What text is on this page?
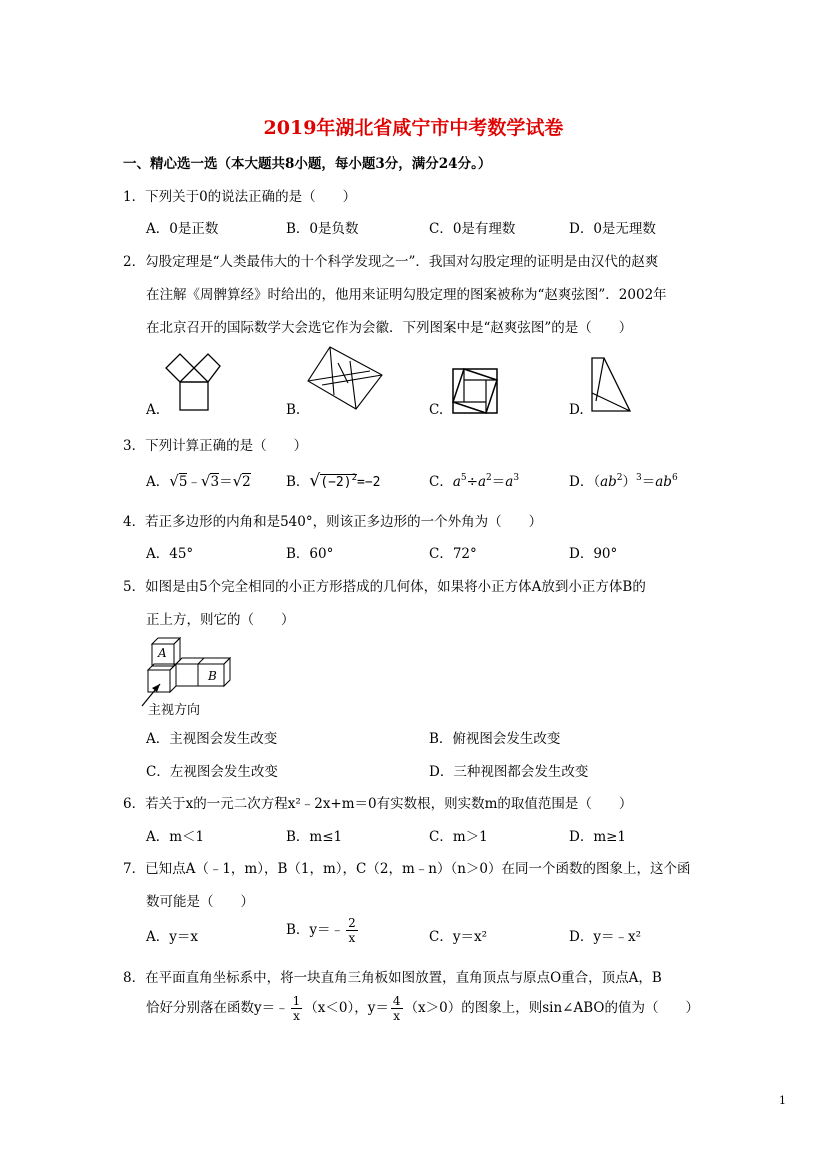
2019年湖北省咸宁市中考数学试卷
一、精心选一选（本大题共8小题，每小题3分，满分24分。）
1．下列关于0的说法正确的是（　　）
A．0是正数	B．0是负数	C．0是有理数	D．0是无理数
2．勾股定理是“人类最伟大的十个科学发现之一”．我国对勾股定理的证明是由汉代的赵爽
在注解《周髀算经》时给出的，他用来证明勾股定理的图案被称为“赵爽弦图”．2002年
在北京召开的国际数学大会选它作为会徽．下列图案中是“赵爽弦图”的是（　　）
A.	B.	C.	D.
3．下列计算正确的是（　　）
A．√5﹣√3＝√2	B．$√(-2)^2=-2$	C．$a^5\div a^2=a^3$	D．$(ab^2)^3=ab^6$
4．若正多边形的内角和是540°，则该正多边形的一个外角为（　　）
A．45°	B．60°	C．72°	D．90°
5．如图是由5个完全相同的小正方形搭成的几何体，如果将小正方体A放到小正方体B的
正上方，则它的（　　）
A
B
主视方向
A．主视图会发生改变	B．俯视图会发生改变
C．左视图会发生改变	D．三种视图都会发生改变
6．若关于x的一元二次方程x²﹣2x+m＝0有实数根，则实数m的取值范围是（　　）
A．m＜1	B．m≤1	C．m＞1	D．m≥1
7．已知点A（﹣1，m），B（1，m），C（2，m﹣n）（n＞0）在同一个函数的图象上，这个函
数可能是（　　）
A．y＝x	B．y＝﹣ $\frac{2}{x}$	C．y＝x²	D．y＝﹣x²
8．在平面直角坐标系中，将一块直角三角板如图放置，直角顶点与原点O重合，顶点A，B
恰好分别落在函数y＝﹣ $\frac{1}{x} (x<0)$，$y= \frac{4}{x} (x>0)$的图象上，则sin∠ABO的值为（　　）
1
